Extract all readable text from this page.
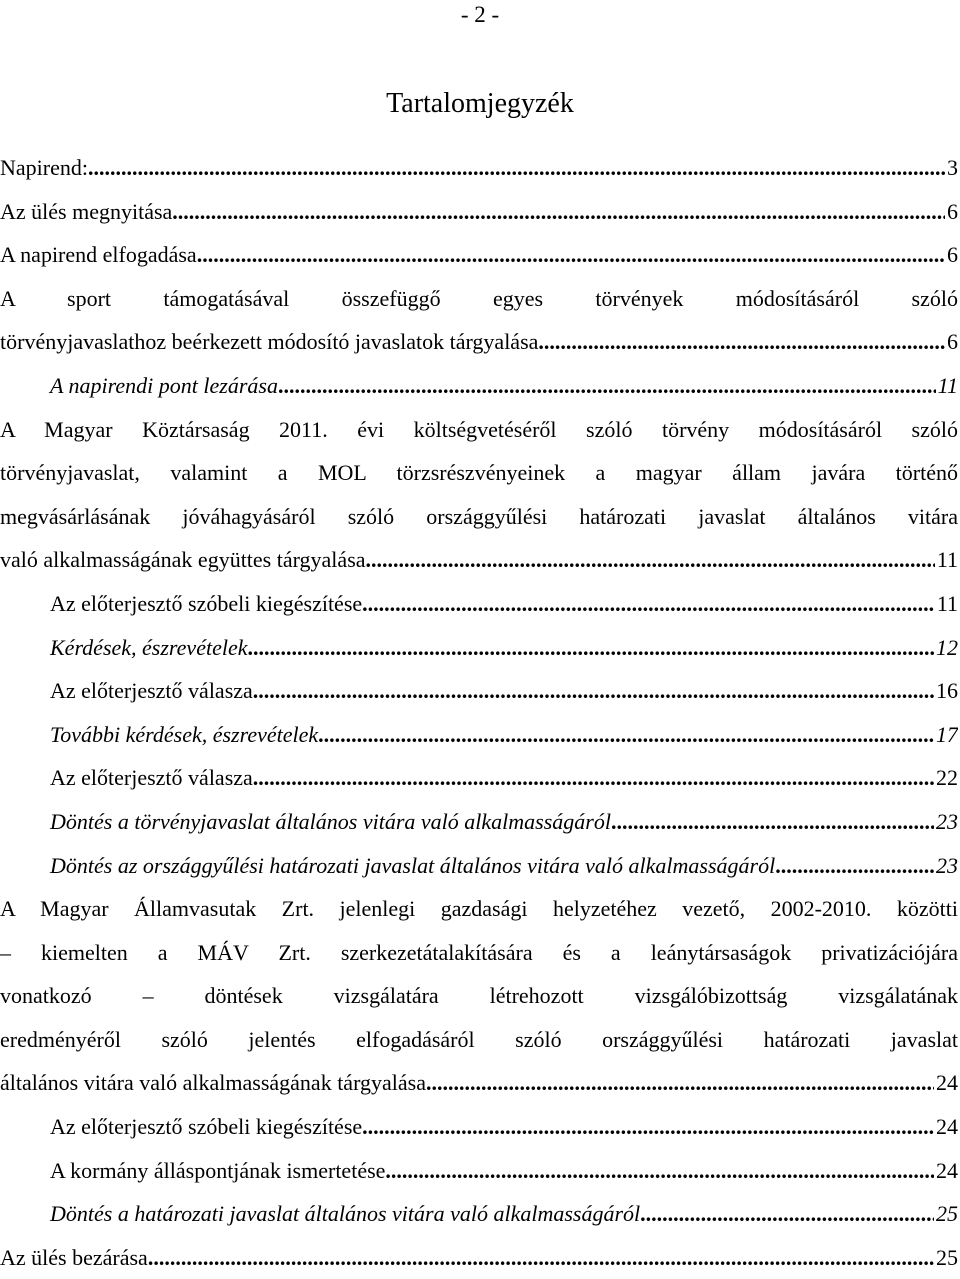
- 2 -
Tartalomjegyzék
Napirend: .....	3
Az ülés megnyitása .....	6
A napirend elfogadása .....	6
A sport támogatásával összefüggő egyes törvények módosításáról szóló
törvényjavaslathoz beérkezett módosító javaslatok tárgyalása .....	6
A napirendi pont lezárása .....	11
A Magyar Köztársaság 2011. évi költségvetéséről szóló törvény módosításáról szóló
törvényjavaslat, valamint a MOL törzsrészvényeinek a magyar állam javára történő
megvásárlásának jóváhagyásáról szóló országgyűlési határozati javaslat általános vitára
való alkalmasságának együttes tárgyalása .....	11
Az előterjesztő szóbeli kiegészítése .....	11
Kérdések, észrevételek .....	12
Az előterjesztő válasza .....	16
További kérdések, észrevételek .....	17
Az előterjesztő válasza .....	22
Döntés a törvényjavaslat általános vitára való alkalmasságáról .....	23
Döntés az országgyűlési határozati javaslat általános vitára való alkalmasságáról .....	23
A Magyar Államvasutak Zrt. jelenlegi gazdasági helyzetéhez vezető, 2002-2010. közötti
– kiemelten a MÁV Zrt. szerkezetátalakítására és a leánytársaságok privatizációjára
vonatkozó – döntések vizsgálatára létrehozott vizsgálóbizottság vizsgálatának
eredményéről szóló jelentés elfogadásáról szóló országgyűlési határozati javaslat
általános vitára való alkalmasságának tárgyalása .....	24
Az előterjesztő szóbeli kiegészítése .....	24
A kormány álláspontjának ismertetése .....	24
Döntés a határozati javaslat általános vitára való alkalmasságáról .....	25
Az ülés bezárása .....	25
